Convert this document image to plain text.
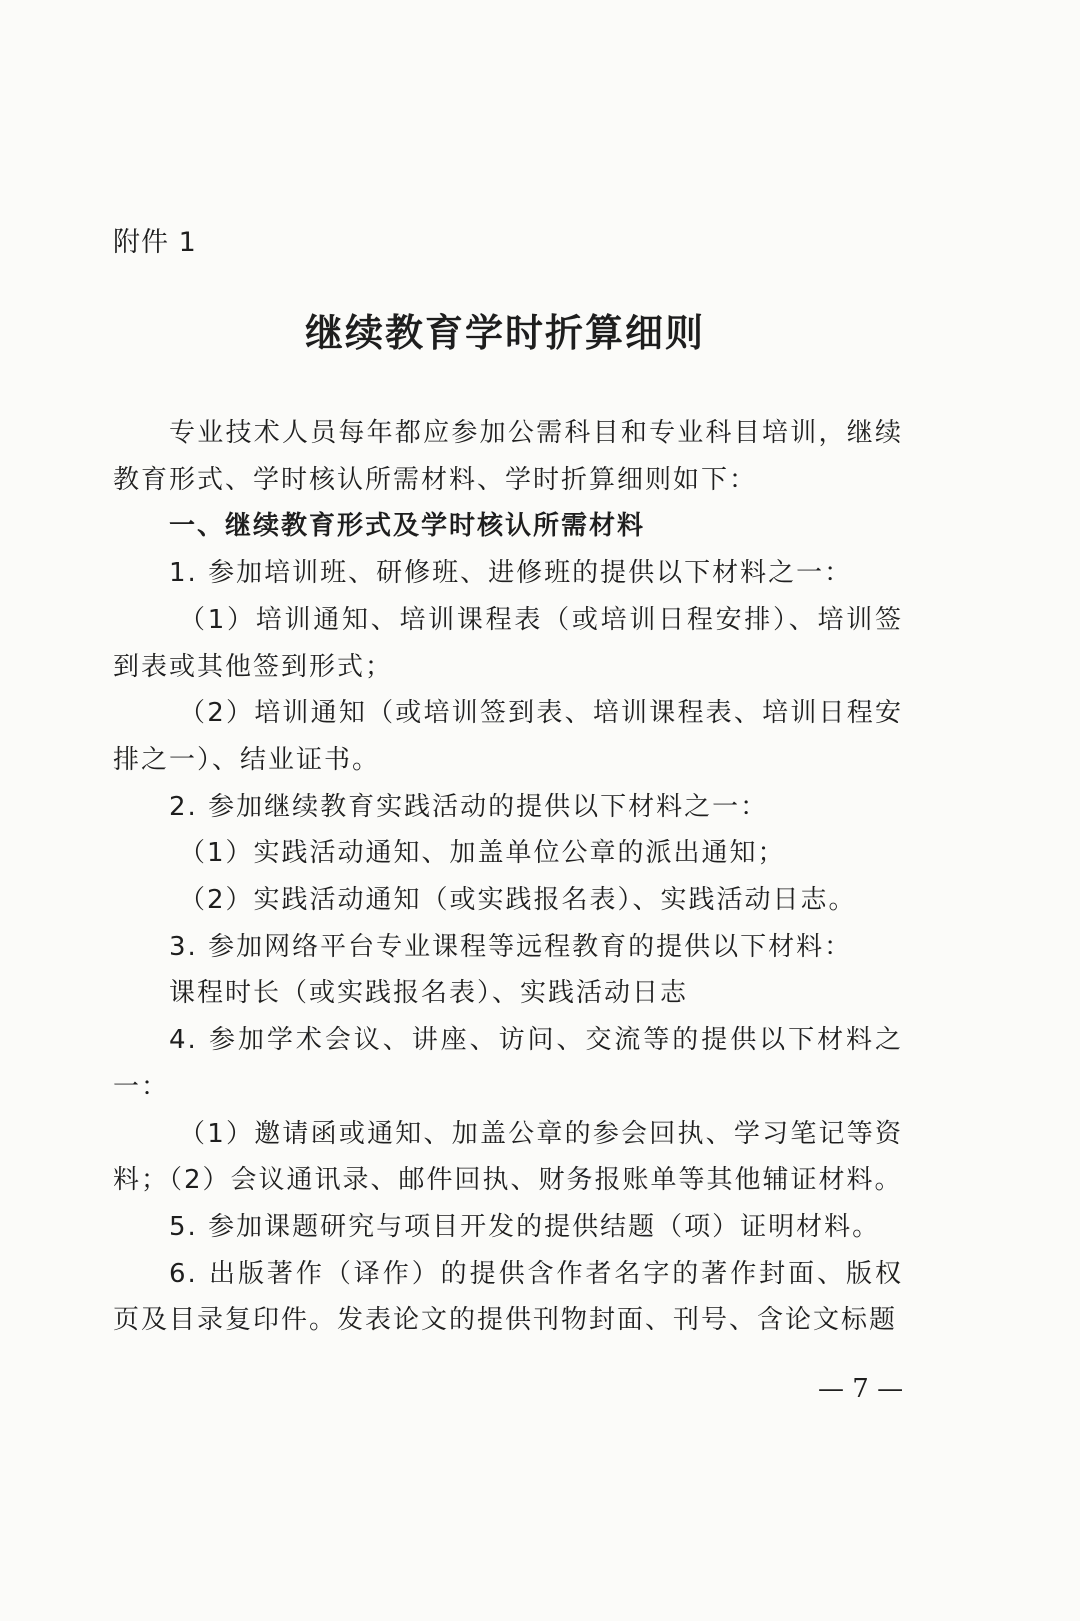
附件 1
继续教育学时折算细则

专业技术人员每年都应参加公需科目和专业科目培训，继续教育形式、学时核认所需材料、学时折算细则如下：

一、继续教育形式及学时核认所需材料

1. 参加培训班、研修班、进修班的提供以下材料之一：

（1）培训通知、培训课程表（或培训日程安排）、培训签到表或其他签到形式；

（2）培训通知（或培训签到表、培训课程表、培训日程安排之一）、结业证书。

2. 参加继续教育实践活动的提供以下材料之一：

（1）实践活动通知、加盖单位公章的派出通知；

（2）实践活动通知（或实践报名表）、实践活动日志。

3. 参加网络平台专业课程等远程教育的提供以下材料：

课程时长（或实践报名表）、实践活动日志

4. 参加学术会议、讲座、访问、交流等的提供以下材料之一：

（1）邀请函或通知、加盖公章的参会回执、学习笔记等资料；（2）会议通讯录、邮件回执、财务报账单等其他辅证材料。

5. 参加课题研究与项目开发的提供结题（项）证明材料。

6. 出版著作（译作）的提供含作者名字的著作封面、版权页及目录复印件。发表论文的提供刊物封面、刊号、含论文标题

— 7 —
